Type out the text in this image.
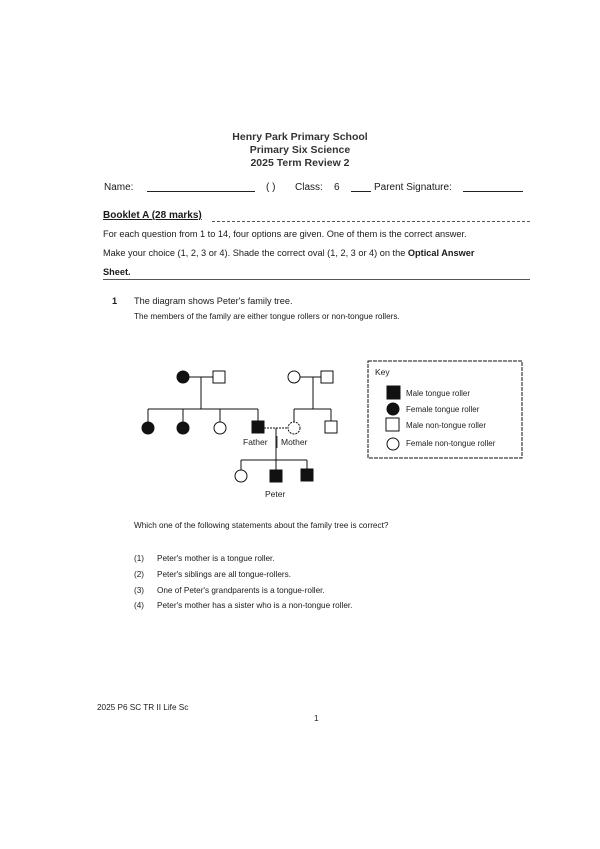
Henry Park Primary School
Primary Six Science
2025 Term Review 2
Name:	( ) Class: 6	Parent Signature:
Booklet A (28 marks)
For each question from 1 to 14, four options are given. One of them is the correct answer.
Make your choice (1, 2, 3 or 4). Shade the correct oval (1, 2, 3 or 4) on the Optical Answer
Sheet.
1 The diagram shows Peter's family tree.
The members of the family are either tongue rollers or non-tongue rollers.
Father Mother
Peter
Key
Male tongue roller
Female tongue roller
Male non-tongue roller
Female non-tongue roller
Which one of the following statements about the family tree is correct?
(1) Peter's mother is a tongue roller.
(2) Peter's siblings are all tongue-rollers.
(3) One of Peter's grandparents is a tongue-roller.
(4) Peter's mother has a sister who is a non-tongue roller.
2025 P6 SC TR II Life Sc
1
